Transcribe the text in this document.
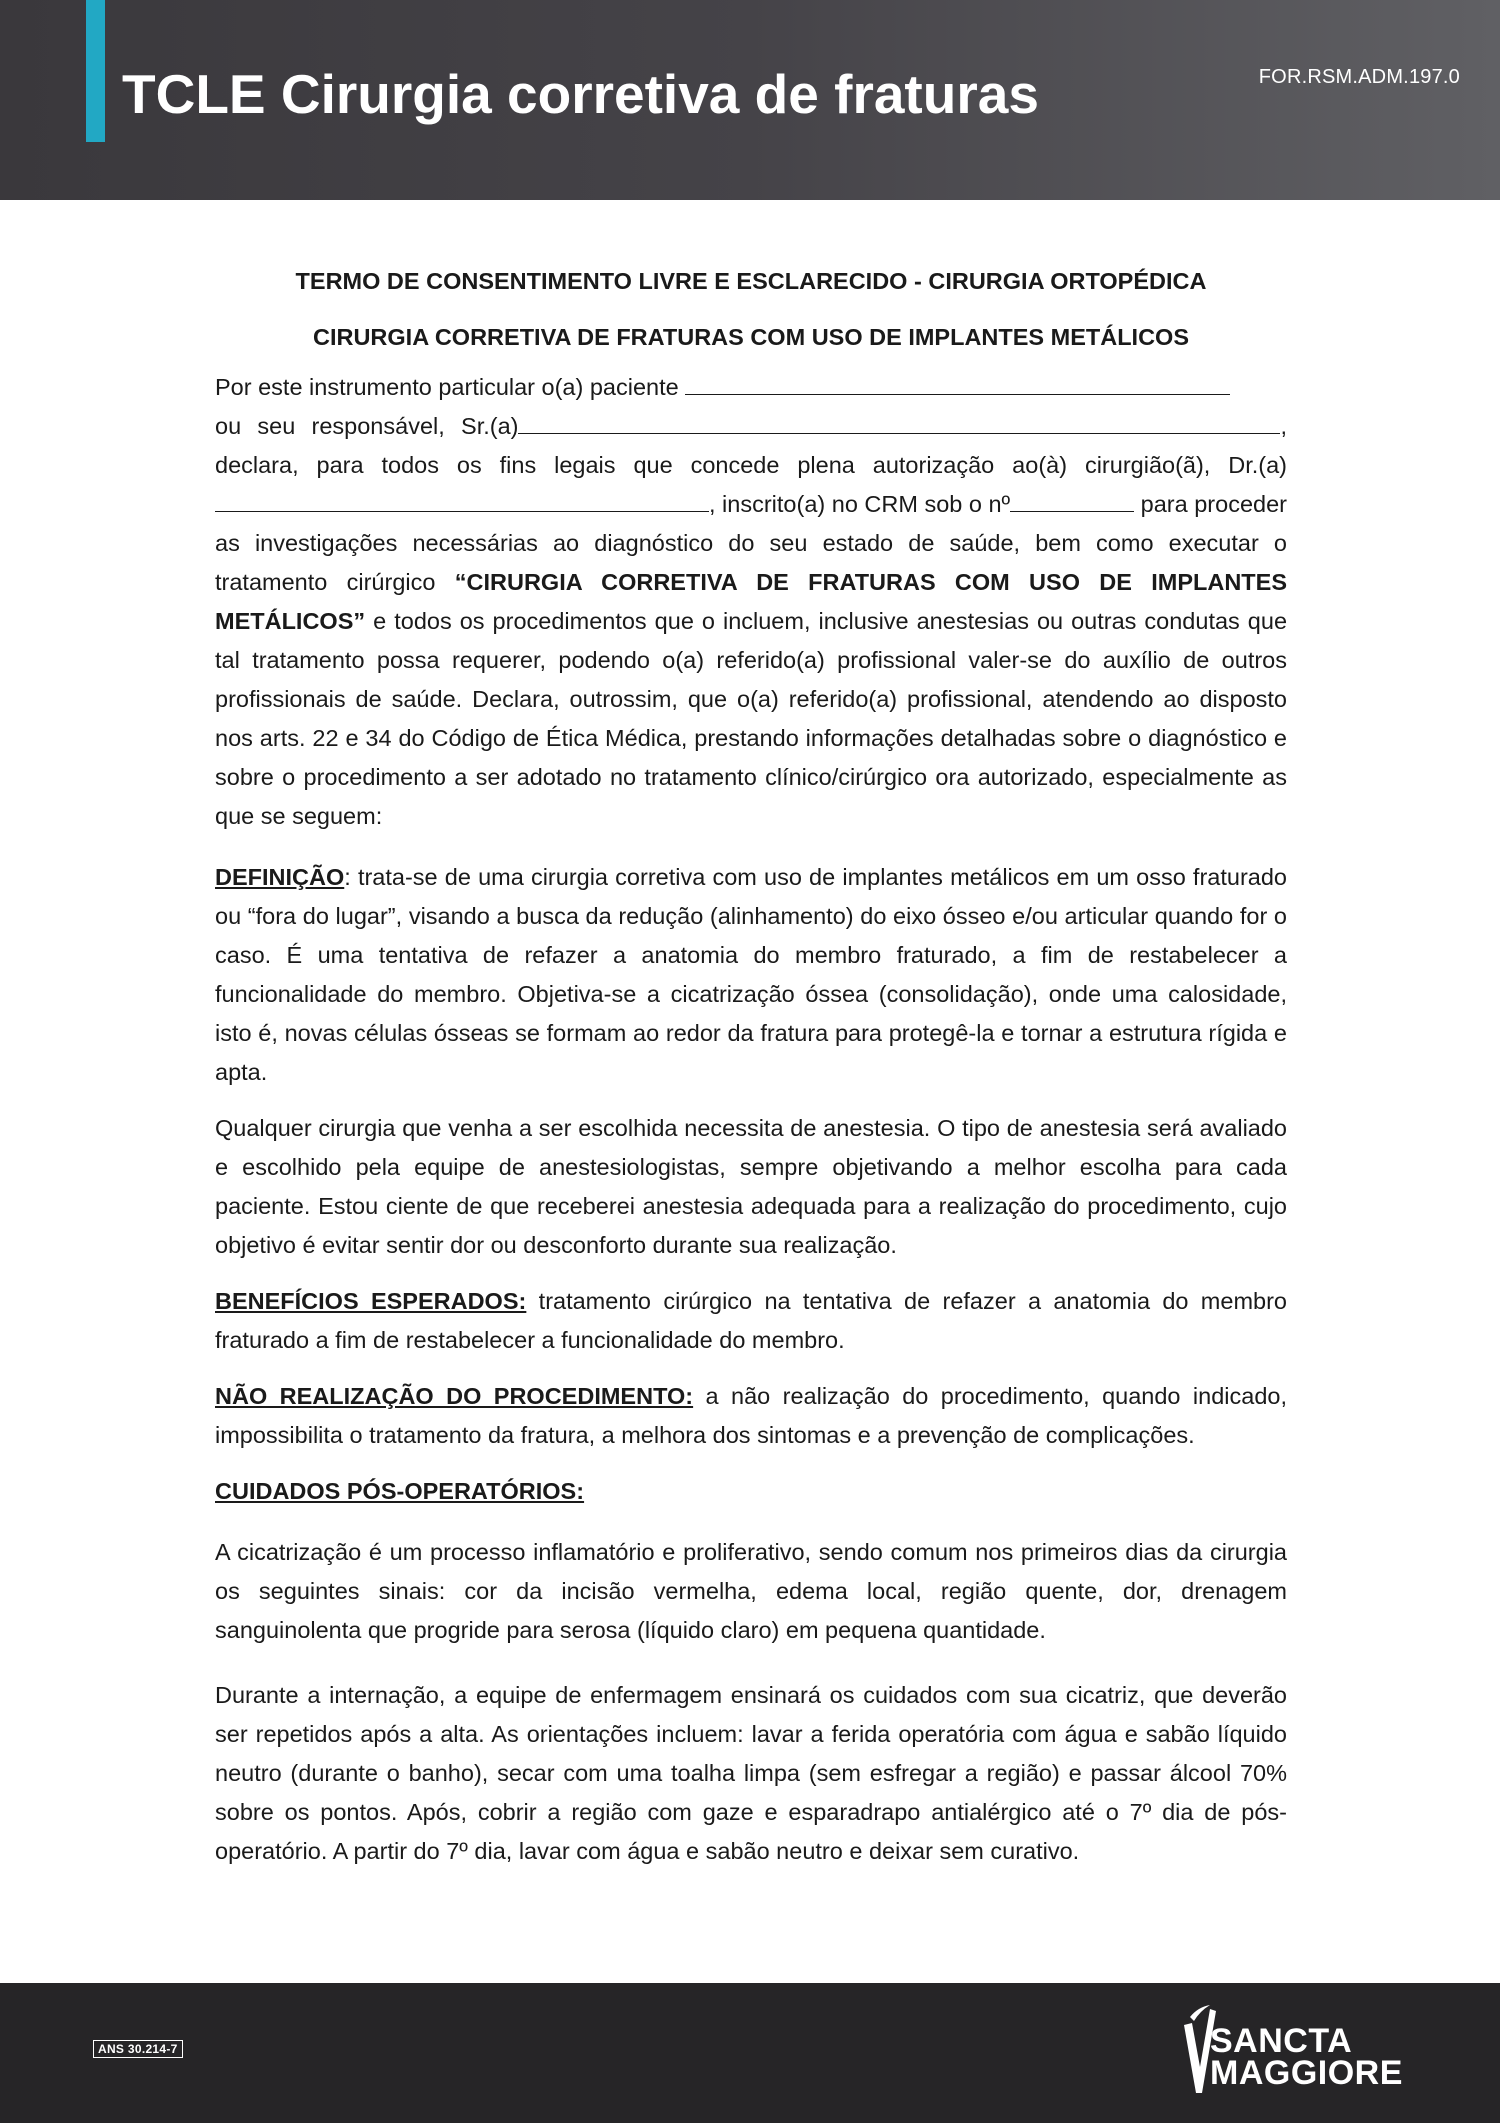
TCLE Cirurgia corretiva de fraturas	FOR.RSM.ADM.197.0
TERMO DE CONSENTIMENTO LIVRE E ESCLARECIDO - CIRURGIA ORTOPÉDICA
CIRURGIA CORRETIVA DE FRATURAS COM USO DE IMPLANTES METÁLICOS

Por este instrumento particular o(a) paciente
ou seu responsável, Sr.(a)	, declara, para todos os fins legais que concede plena autorização ao(à) cirurgião(ã), Dr.(a), inscrito(a) no CRM sob o nº	para proceder as investigações necessárias ao diagnóstico do seu estado de saúde, bem como executar o tratamento cirúrgico “CIRURGIA CORRETIVA DE FRATURAS COM USO DE IMPLANTES METÁLICOS” e todos os procedimentos que o incluem, inclusive anestesias ou outras condutas que tal tratamento possa requerer, podendo o(a) referido(a) profissional valer-se do auxílio de outros profissionais de saúde. Declara, outrossim, que o(a) referido(a) profissional, atendendo ao disposto nos arts. 22 e 34 do Código de Ética Médica, prestando informações detalhadas sobre o diagnóstico e sobre o procedimento a ser adotado no tratamento clínico/cirúrgico ora autorizado, especialmente as que se seguem:

DEFINIÇÃO: trata-se de uma cirurgia corretiva com uso de implantes metálicos em um osso fraturado ou “fora do lugar”, visando a busca da redução (alinhamento) do eixo ósseo e/ou articular quando for o caso. É uma tentativa de refazer a anatomia do membro fraturado, a fim de restabelecer a funcionalidade do membro. Objetiva-se a cicatrização óssea (consolidação), onde uma calosidade, isto é, novas células ósseas se formam ao redor da fratura para protegê-la e tornar a estrutura rígida e apta.

Qualquer cirurgia que venha a ser escolhida necessita de anestesia. O tipo de anestesia será avaliado e escolhido pela equipe de anestesiologistas, sempre objetivando a melhor escolha para cada paciente. Estou ciente de que receberei anestesia adequada para a realização do procedimento, cujo objetivo é evitar sentir dor ou desconforto durante sua realização.

BENEFÍCIOS ESPERADOS: tratamento cirúrgico na tentativa de refazer a anatomia do membro fraturado a fim de restabelecer a funcionalidade do membro.

NÃO REALIZAÇÃO DO PROCEDIMENTO: a não realização do procedimento, quando indicado, impossibilita o tratamento da fratura, a melhora dos sintomas e a prevenção de complicações.

CUIDADOS PÓS-OPERATÓRIOS:

A cicatrização é um processo inflamatório e proliferativo, sendo comum nos primeiros dias da cirurgia os seguintes sinais: cor da incisão vermelha, edema local, região quente, dor, drenagem sanguinolenta que progride para serosa (líquido claro) em pequena quantidade.

Durante a internação, a equipe de enfermagem ensinará os cuidados com sua cicatriz, que deverão ser repetidos após a alta. As orientações incluem: lavar a ferida operatória com água e sabão líquido neutro (durante o banho), secar com uma toalha limpa (sem esfregar a região) e passar álcool 70% sobre os pontos. Após, cobrir a região com gaze e esparadrapo antialérgico até o 7º dia de pós-operatório. A partir do 7º dia, lavar com água e sabão neutro e deixar sem curativo.

ANS 30.214-7	SANCTA
MAGGIORE
